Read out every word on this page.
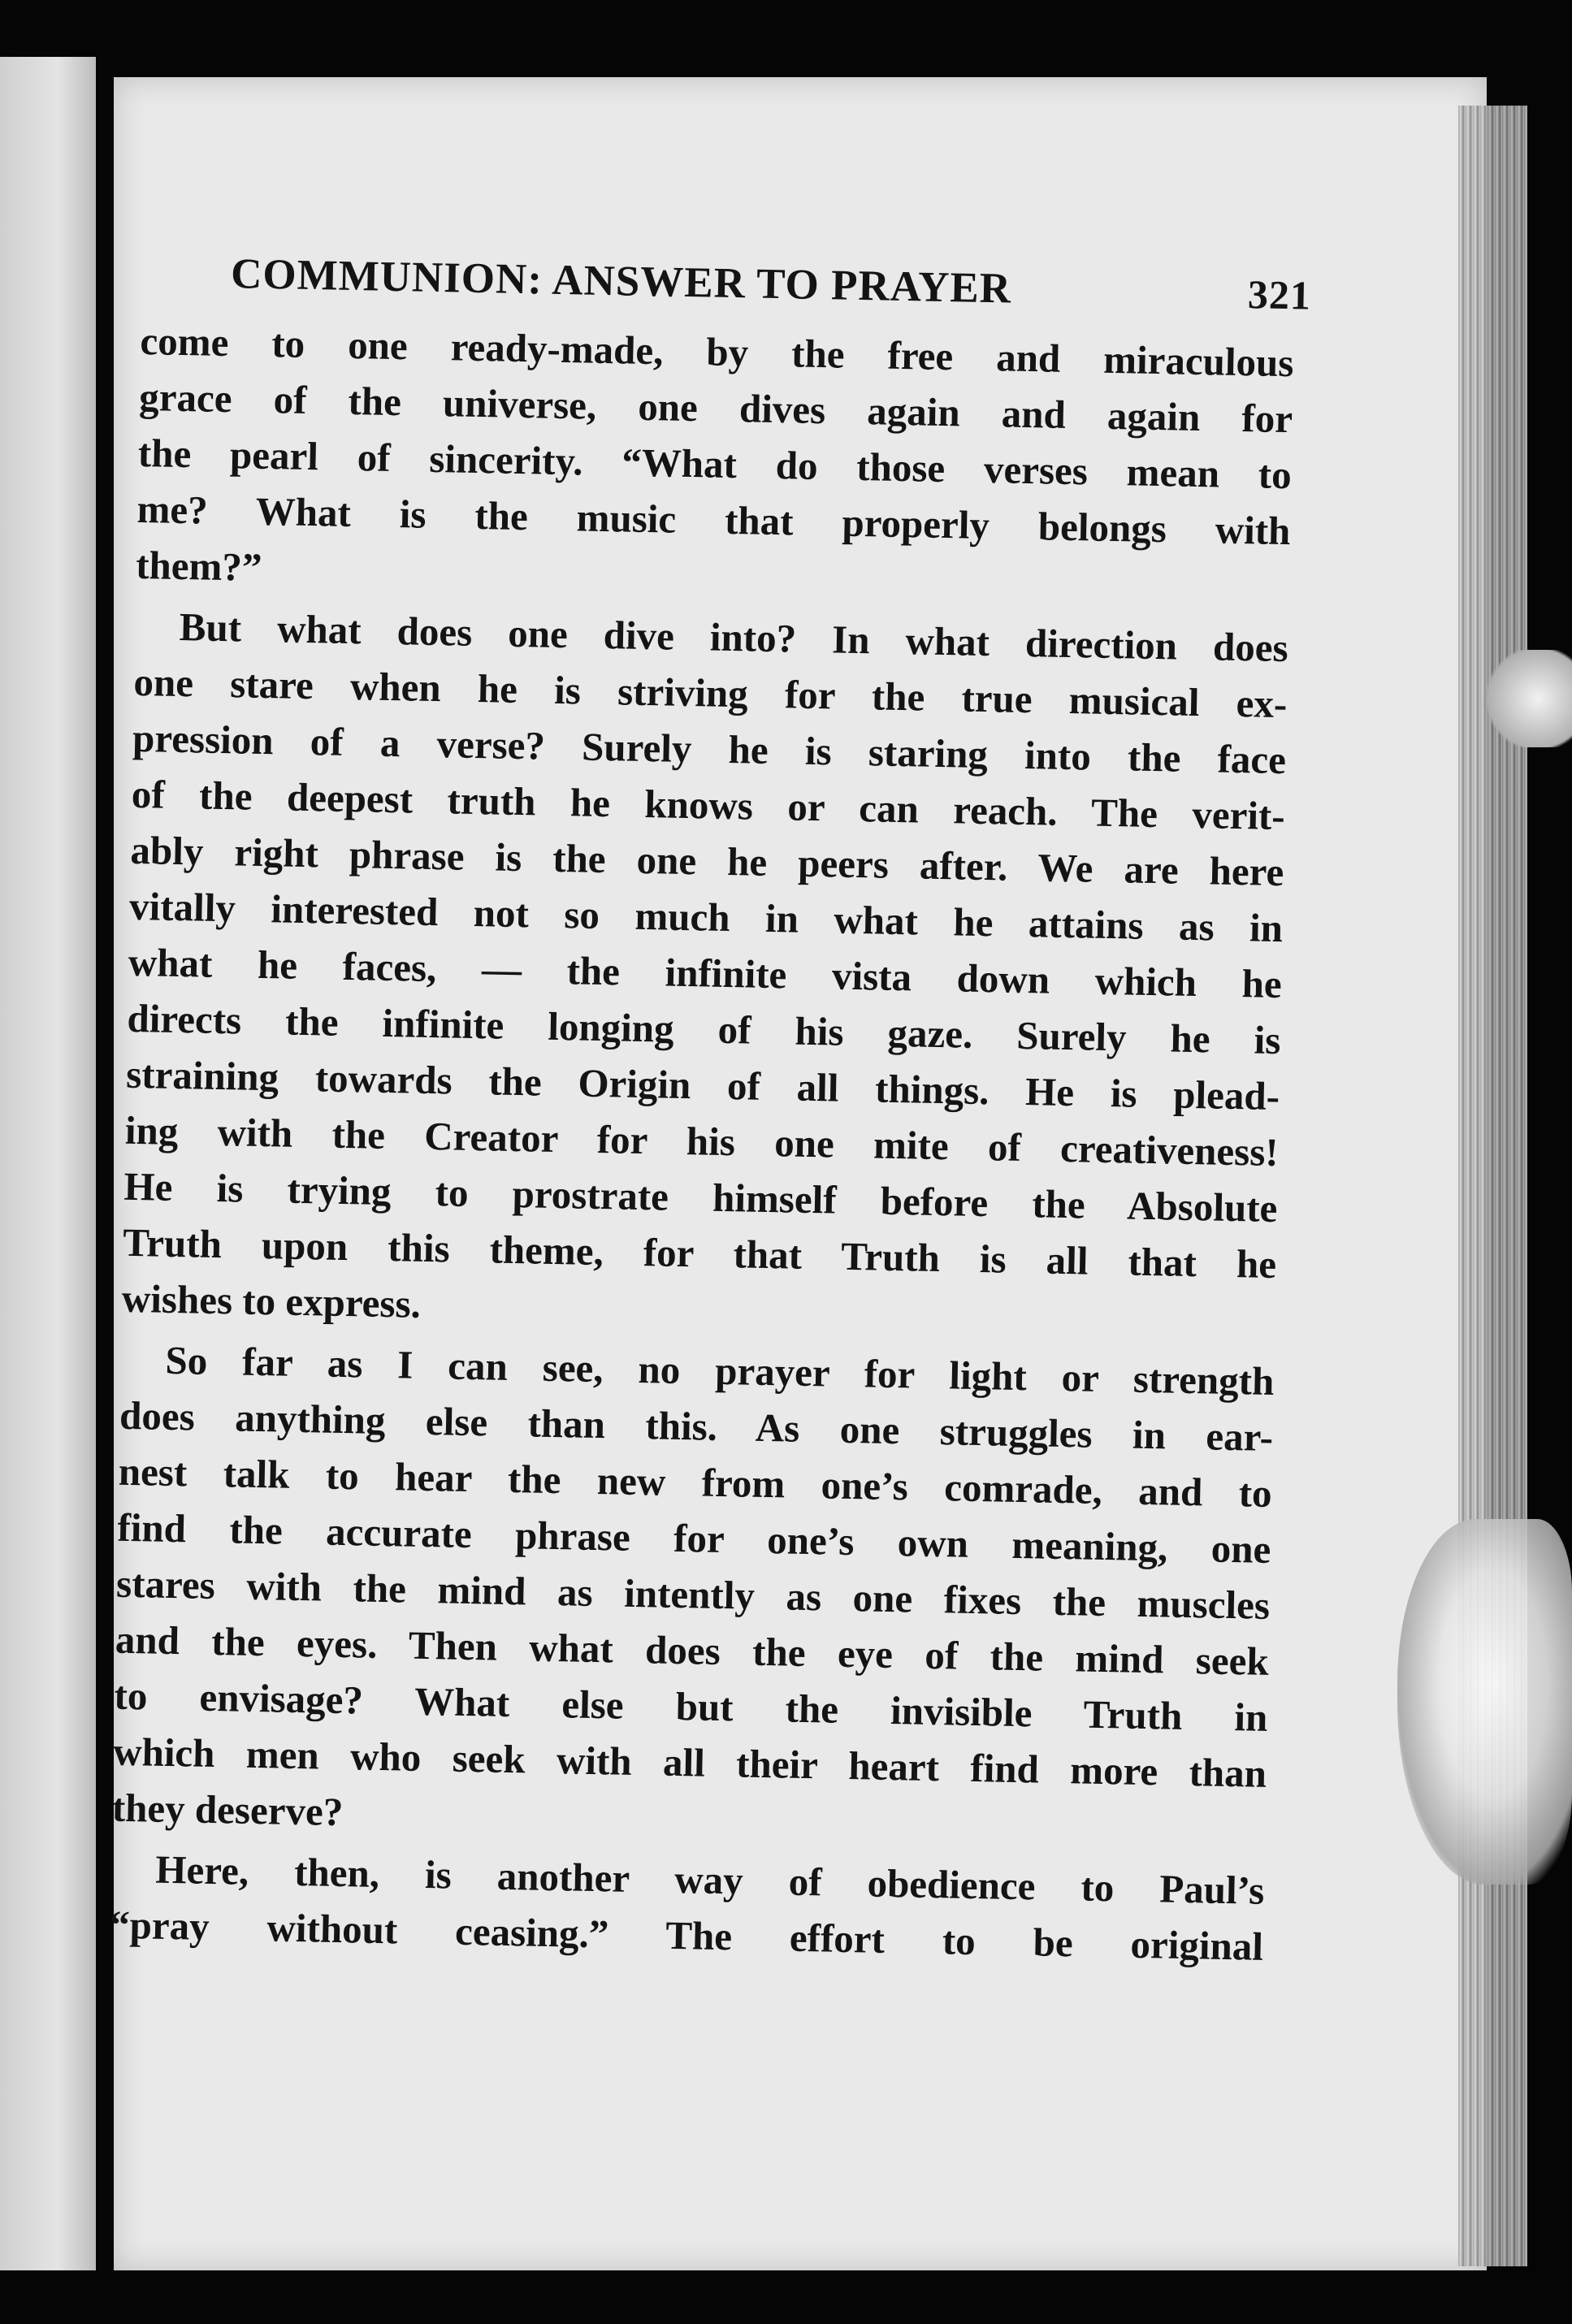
COMMUNION: ANSWER TO PRAYER	321

come to one ready-made, by the free and miraculous
grace of the universe, one dives again and again for
the pearl of sincerity. “What do those verses mean to
me? What is the music that properly belongs with
them?”

But what does one dive into? In what direction does
one stare when he is striving for the true musical ex-
pression of a verse? Surely he is staring into the face
of the deepest truth he knows or can reach. The verit-
ably right phrase is the one he peers after. We are here
vitally interested not so much in what he attains as in
what he faces, — the infinite vista down which he
directs the infinite longing of his gaze. Surely he is
straining towards the Origin of all things. He is plead-
ing with the Creator for his one mite of creativeness!
He is trying to prostrate himself before the Absolute
Truth upon this theme, for that Truth is all that he
wishes to express.

So far as I can see, no prayer for light or strength
does anything else than this. As one struggles in ear-
nest talk to hear the new from one’s comrade, and to
find the accurate phrase for one’s own meaning, one
stares with the mind as intently as one fixes the muscles
and the eyes. Then what does the eye of the mind seek
to envisage? What else but the invisible Truth in
which men who seek with all their heart find more than
they deserve?

Here, then, is another way of obedience to Paul’s
“pray without ceasing.” The effort to be original
